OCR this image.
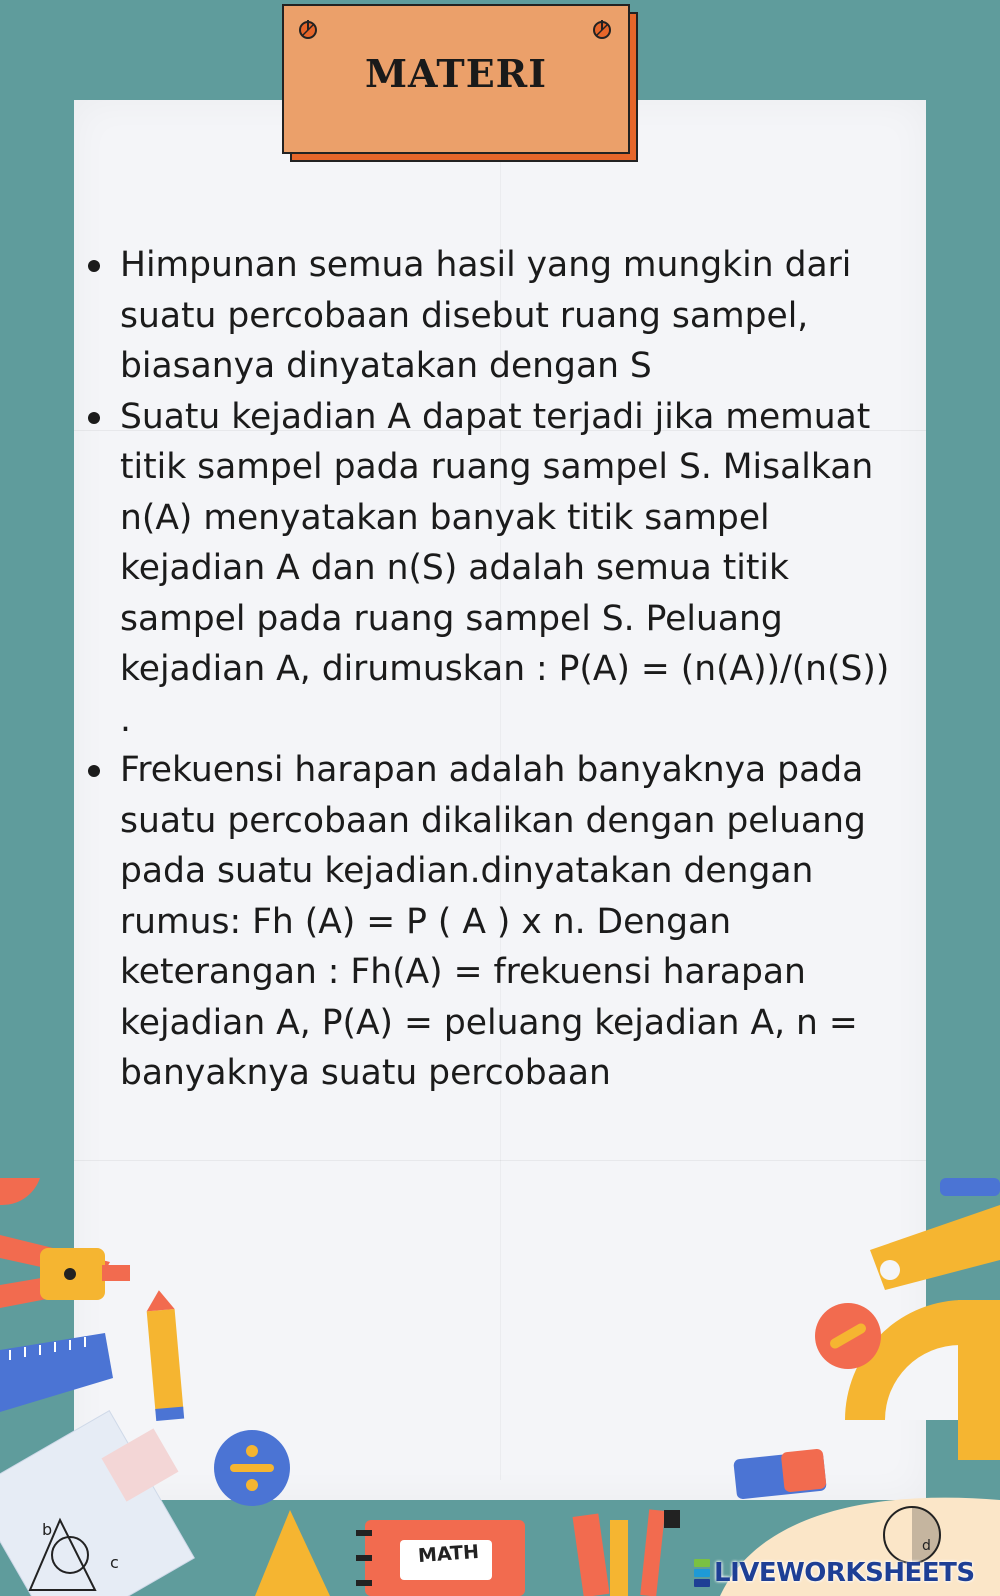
MATERI
Himpunan semua hasil yang mungkin dari suatu percobaan disebut ruang sampel, biasanya dinyatakan dengan S
Suatu kejadian A dapat terjadi jika memuat titik sampel pada ruang sampel S. Misalkan n(A) menyatakan banyak titik sampel kejadian A dan n(S) adalah semua titik sampel pada ruang sampel S. Peluang kejadian A, dirumuskan : P(A) = (n(A))/(n(S)) .
Frekuensi harapan adalah banyaknya pada suatu percobaan dikalikan dengan peluang pada suatu kejadian.dinyatakan dengan rumus: Fh (A) = P ( A ) x n. Dengan keterangan : Fh(A) = frekuensi harapan kejadian A, P(A) = peluang kejadian A, n = banyaknya suatu percobaan
b
c
d
MATH
LIVEWORKSHEETS
